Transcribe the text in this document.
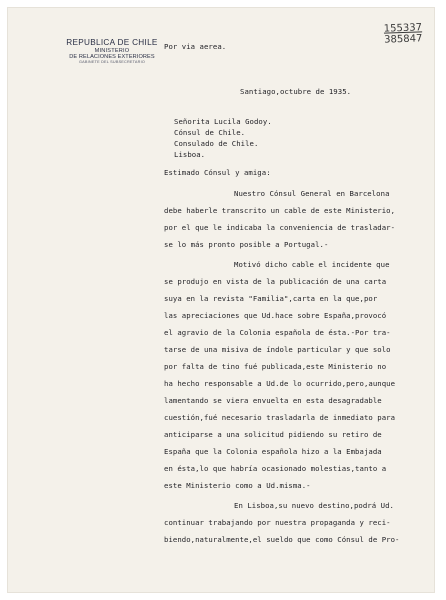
REPUBLICA DE CHILE
MINISTERIO
DE RELACIONES EXTERIORES
GABINETE DEL SUBSECRETARIO
155337
385847
Por via aerea.
Santiago,octubre de 1935.
Señorita Lucila Godoy.
Cónsul de Chile.
Consulado de Chile.
Lisboa.
Estimado Cónsul y amiga:
Nuestro Cónsul General en Barcelona
debe haberle transcrito un cable de este Ministerio,
por el que le indicaba la conveniencia de trasladar-
se lo más pronto posible a Portugal.-
Motivó dicho cable el incidente que
se produjo en vista de la publicación de una carta
suya en la revista "Familia",carta en la que,por
las apreciaciones que Ud.hace sobre España,provocó
el agravio de la Colonia española de ésta.-Por tra-
tarse de una misiva de índole particular y que solo
por falta de tino fué publicada,este Ministerio no
ha hecho responsable a Ud.de lo ocurrido,pero,aunque
lamentando se viera envuelta en esta desagradable
cuestión,fué necesario trasladarla de inmediato para
anticiparse a una solicitud pidiendo su retiro de
España que la Colonia española hizo a la Embajada
en ésta,lo que habría ocasionado molestias,tanto a
este Ministerio como a Ud.misma.-
En Lisboa,su nuevo destino,podrá Ud.
continuar trabajando por nuestra propaganda y reci-
biendo,naturalmente,el sueldo que como Cónsul de Pro-
